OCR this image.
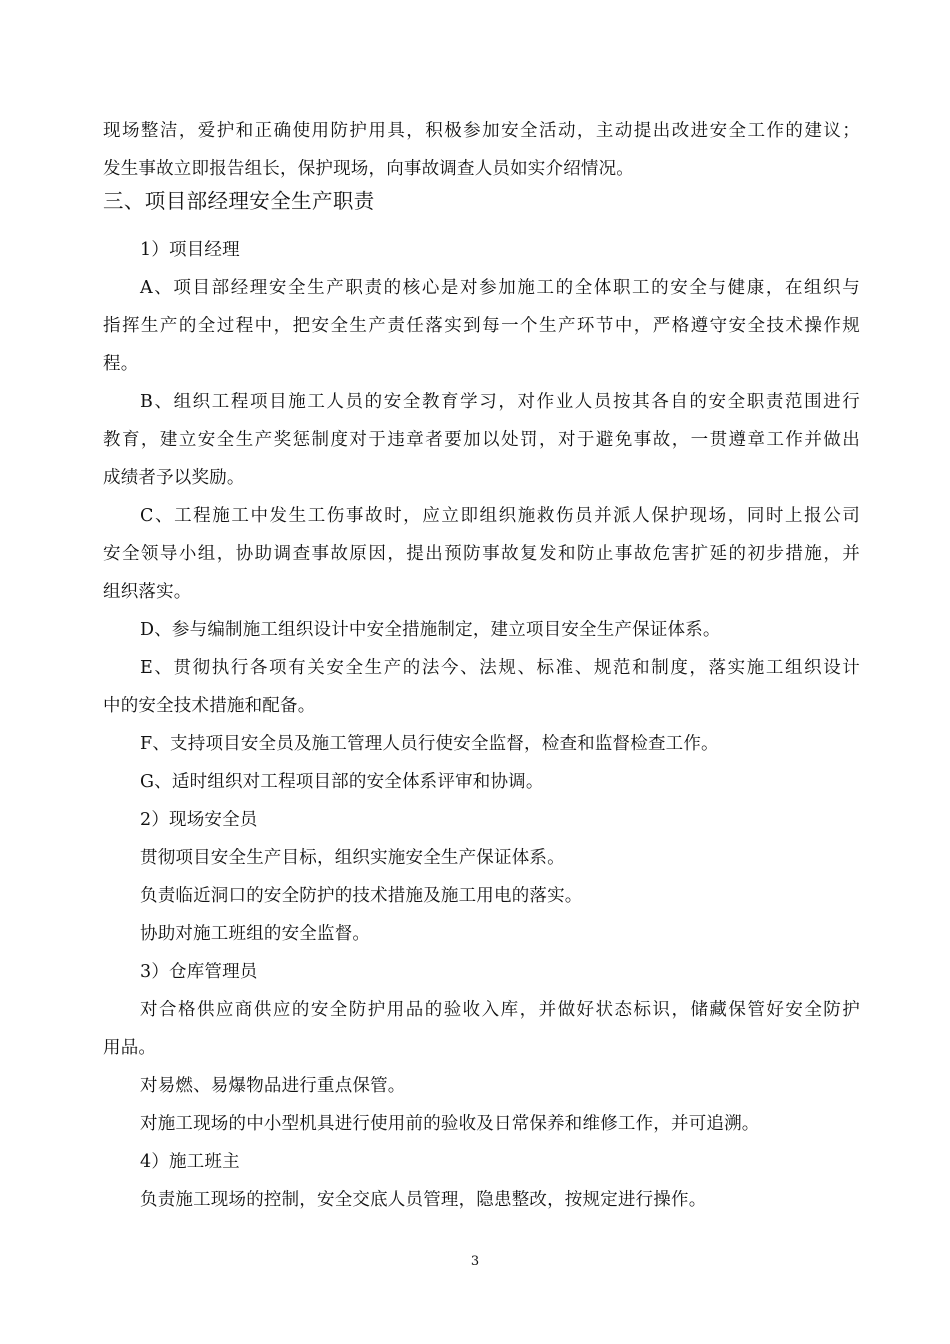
现场整洁，爱护和正确使用防护用具，积极参加安全活动，主动提出改进安全工作的建议；
发生事故立即报告组长，保护现场，向事故调查人员如实介绍情况。
三、项目部经理安全生产职责
1）项目经理
A、项目部经理安全生产职责的核心是对参加施工的全体职工的安全与健康，在组织与
指挥生产的全过程中，把安全生产责任落实到每一个生产环节中，严格遵守安全技术操作规
程。
B、组织工程项目施工人员的安全教育学习，对作业人员按其各自的安全职责范围进行
教育，建立安全生产奖惩制度对于违章者要加以处罚，对于避免事故，一贯遵章工作并做出
成绩者予以奖励。
C、工程施工中发生工伤事故时，应立即组织施救伤员并派人保护现场，同时上报公司
安全领导小组，协助调查事故原因，提出预防事故复发和防止事故危害扩延的初步措施，并
组织落实。
D、参与编制施工组织设计中安全措施制定，建立项目安全生产保证体系。
E、贯彻执行各项有关安全生产的法今、法规、标准、规范和制度，落实施工组织设计
中的安全技术措施和配备。
F、支持项目安全员及施工管理人员行使安全监督，检查和监督检查工作。
G、适时组织对工程项目部的安全体系评审和协调。
2）现场安全员
贯彻项目安全生产目标，组织实施安全生产保证体系。
负责临近洞口的安全防护的技术措施及施工用电的落实。
协助对施工班组的安全监督。
3）仓库管理员
对合格供应商供应的安全防护用品的验收入库，并做好状态标识，储藏保管好安全防护
用品。
对易燃、易爆物品进行重点保管。
对施工现场的中小型机具进行使用前的验收及日常保养和维修工作，并可追溯。
4）施工班主
负责施工现场的控制，安全交底人员管理，隐患整改，按规定进行操作。
3
